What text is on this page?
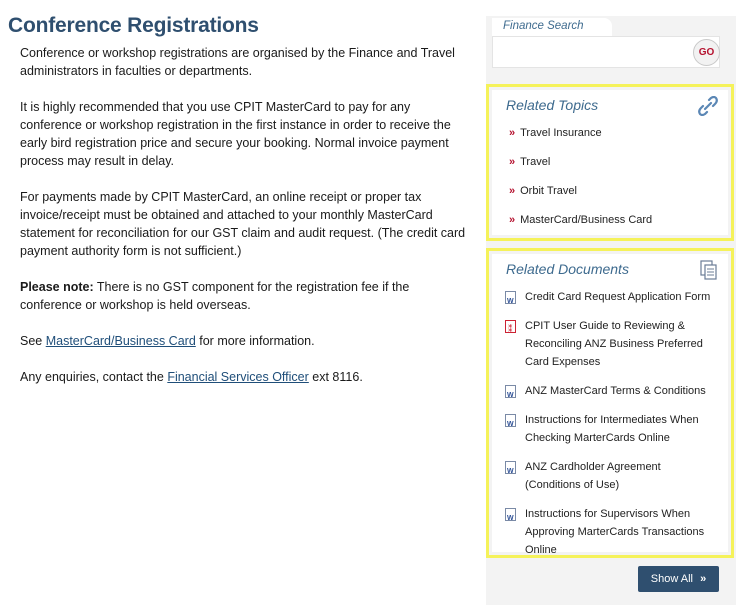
Conference Registrations

Conference or workshop registrations are organised by the Finance and Travel administrators in faculties or departments.

It is highly recommended that you use CPIT MasterCard to pay for any conference or workshop registration in the first instance in order to receive the early bird registration price and secure your booking. Normal invoice payment process may result in delay.

For payments made by CPIT MasterCard, an online receipt or proper tax invoice/receipt must be obtained and attached to your monthly MasterCard statement for reconciliation for our GST claim and audit request. (The credit card payment authority form is not sufficient.)

Please note: There is no GST component for the registration fee if the conference or workshop is held overseas.

See MasterCard/Business Card for more information.

Any enquiries, contact the Financial Services Officer ext 8116.

Finance Search
GO
Related Topics
» Travel Insurance
» Travel
» Orbit Travel
» MasterCard/Business Card
Related Documents
W
Credit Card Request Application Form
⁑
CPIT User Guide to Reviewing & Reconciling ANZ Business Preferred Card Expenses
W
ANZ MasterCard Terms & Conditions
W
Instructions for Intermediates When Checking MarterCards Online
W
ANZ Cardholder Agreement (Conditions of Use)
W
Instructions for Supervisors When Approving MarterCards Transactions Online
Show All »
